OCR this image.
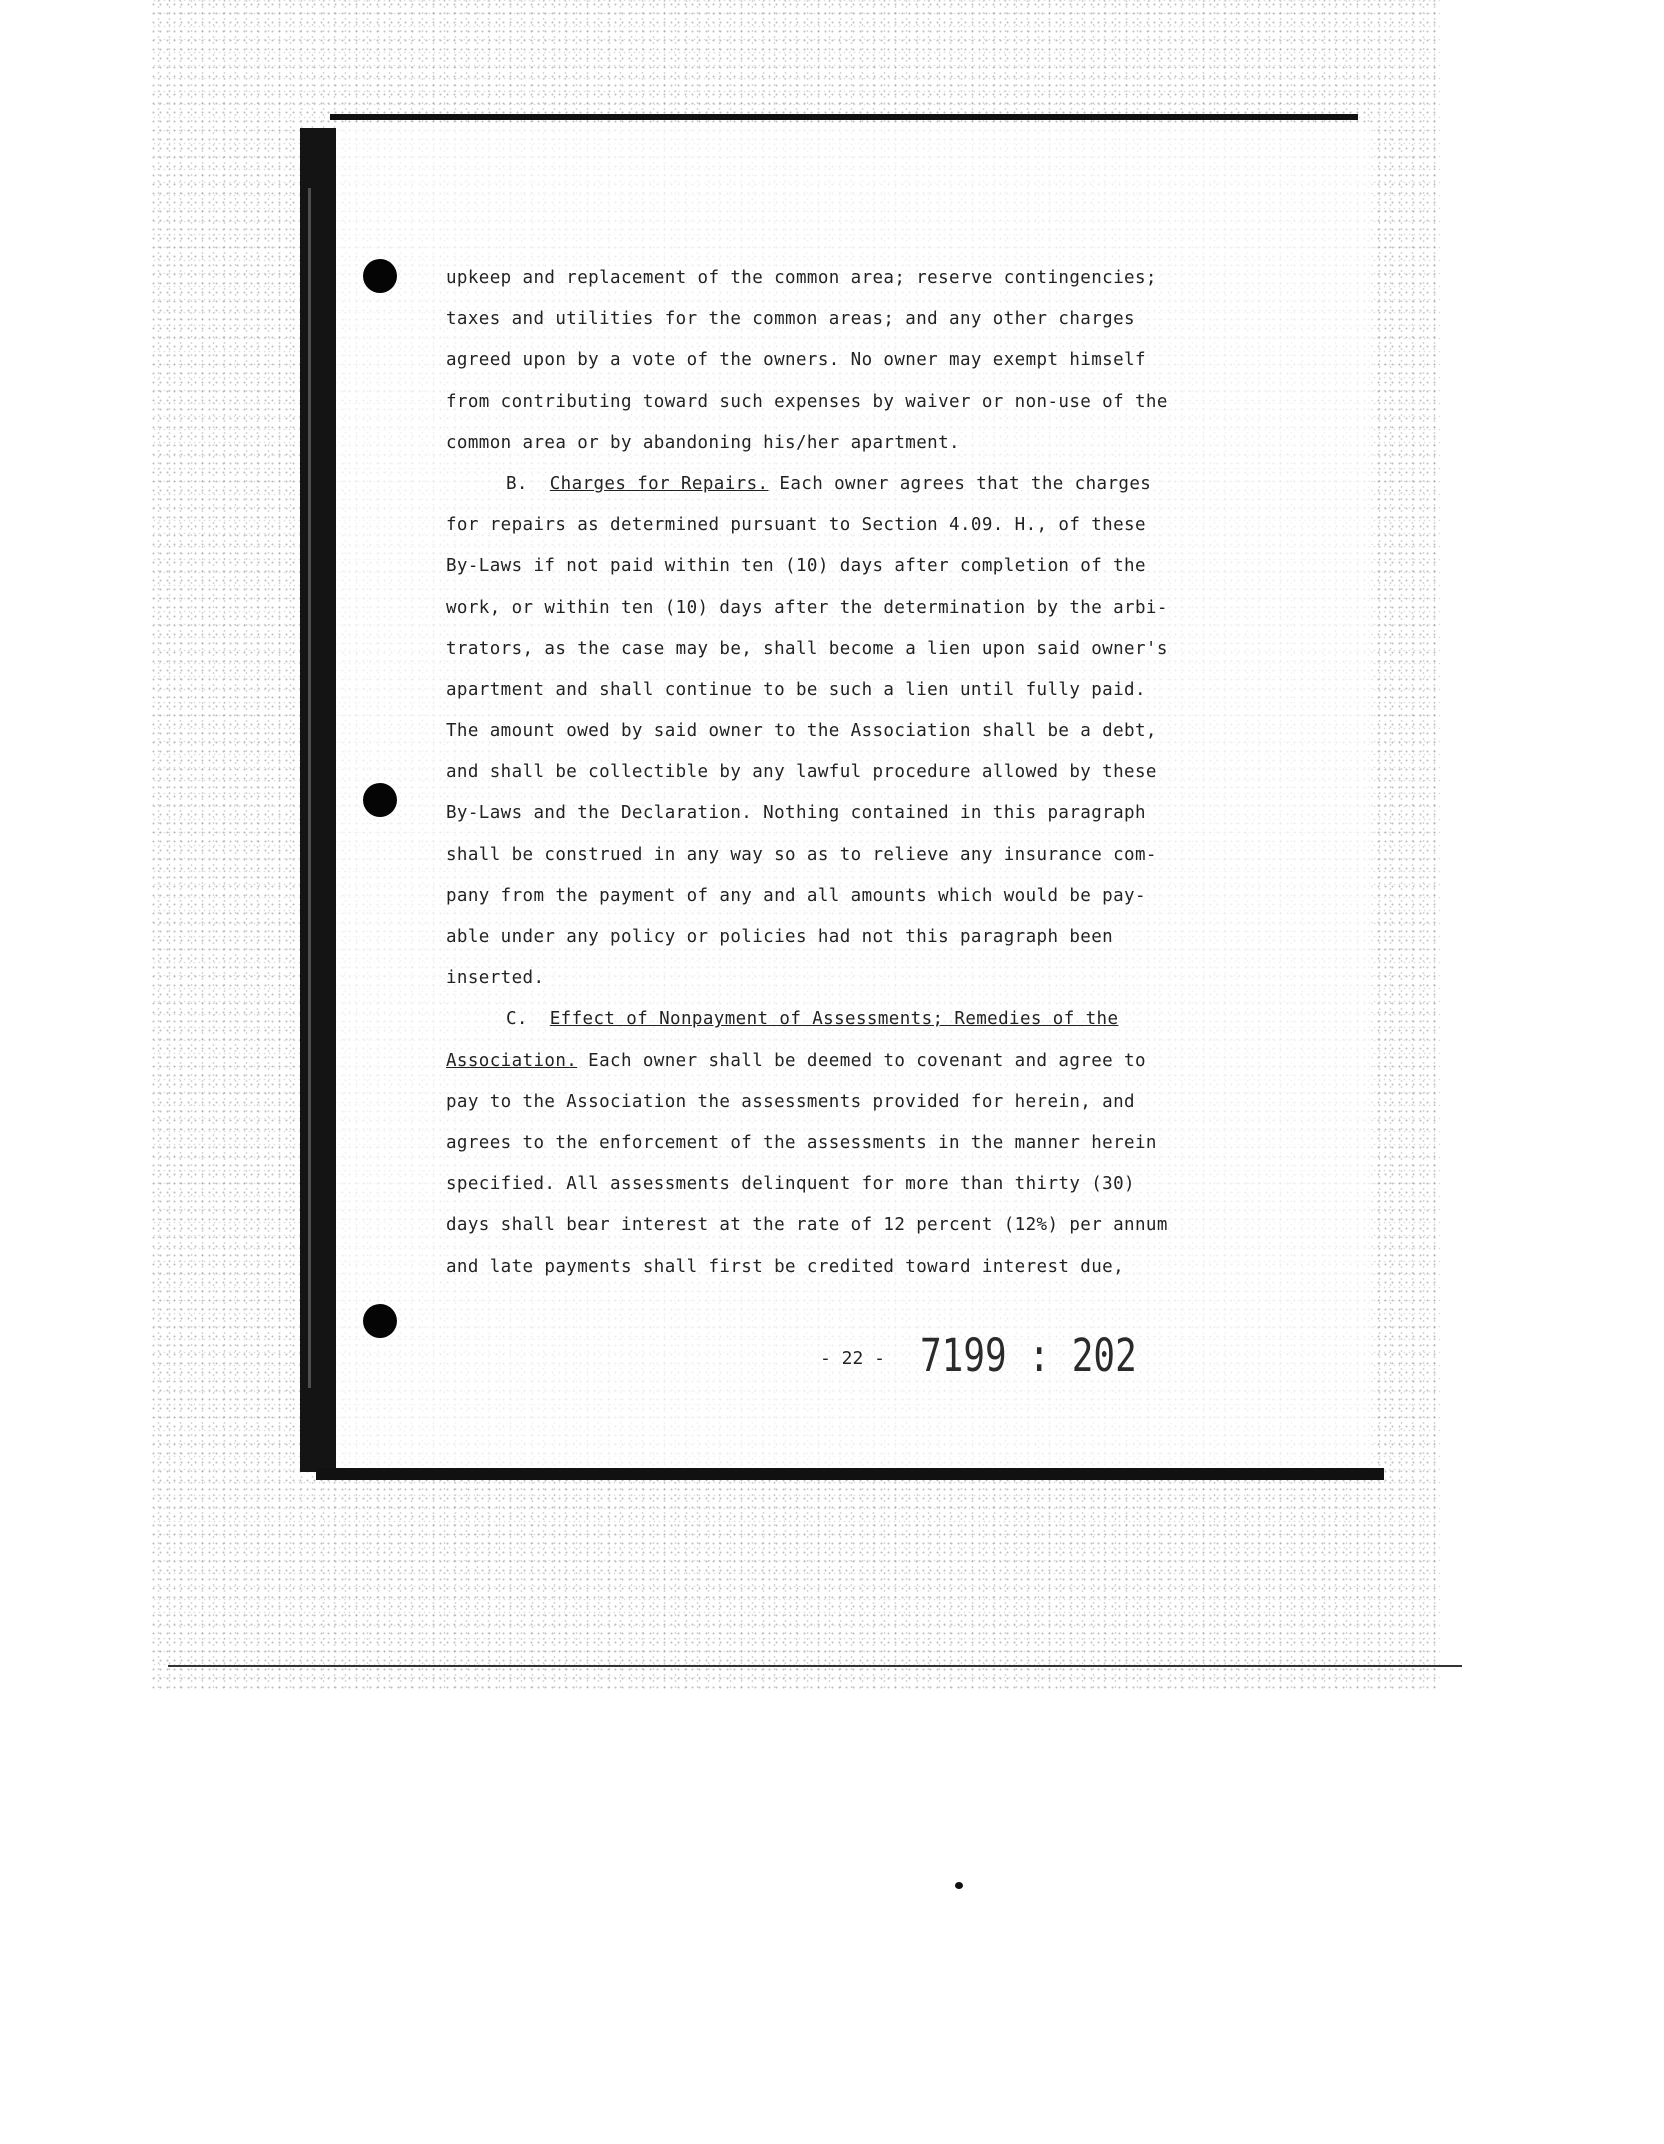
upkeep and replacement of the common area; reserve contingencies;
taxes and utilities for the common areas; and any other charges
agreed upon by a vote of the owners. No owner may exempt himself
from contributing toward such expenses by waiver or non-use of the
common area or by abandoning his/her apartment.
B. Charges for Repairs. Each owner agrees that the charges
for repairs as determined pursuant to Section 4.09. H., of these
By-Laws if not paid within ten (10) days after completion of the
work, or within ten (10) days after the determination by the arbi-
trators, as the case may be, shall become a lien upon said owner's
apartment and shall continue to be such a lien until fully paid.
The amount owed by said owner to the Association shall be a debt,
and shall be collectible by any lawful procedure allowed by these
By-Laws and the Declaration. Nothing contained in this paragraph
shall be construed in any way so as to relieve any insurance com-
pany from the payment of any and all amounts which would be pay-
able under any policy or policies had not this paragraph been
inserted.
C. Effect of Nonpayment of Assessments; Remedies of the
Association. Each owner shall be deemed to covenant and agree to
pay to the Association the assessments provided for herein, and
agrees to the enforcement of the assessments in the manner herein
specified. All assessments delinquent for more than thirty (30)
days shall bear interest at the rate of 12 percent (12%) per annum
and late payments shall first be credited toward interest due,
- 22 - 7199 : 202
